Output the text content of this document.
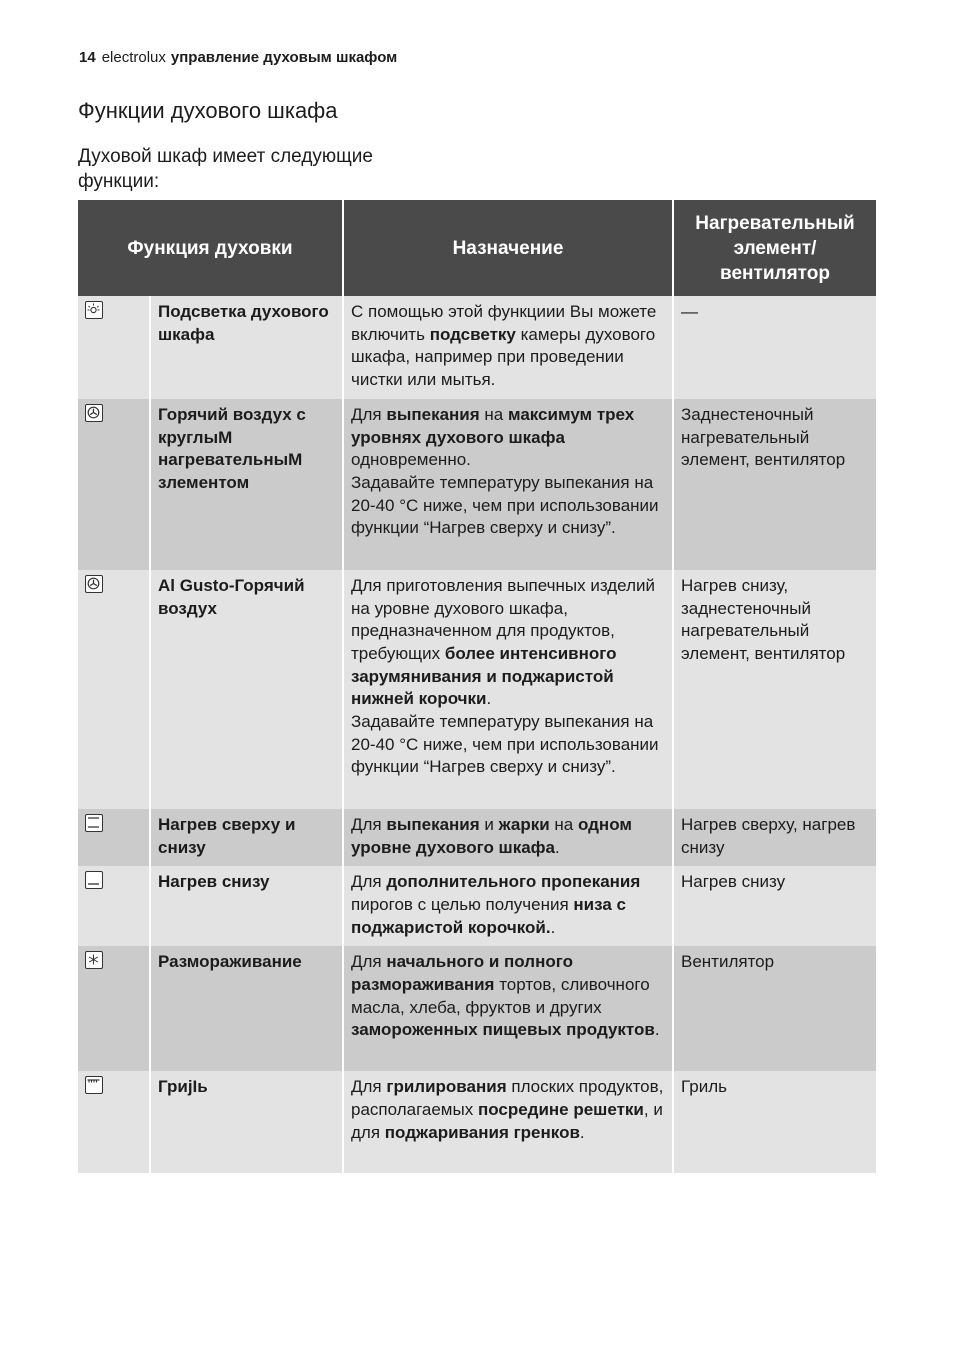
14 electrolux управление духовым шкафом
Функции духового шкафа

Духовой шкаф имеет следующие функции:

Функция духовки		Назначение	Нагревательный элемент/ вентилятор

	Подсветка духового шкафа	С помощью этой функциии Вы можете включить подсветку камеры духового шкафа, например при проведении чистки или мытья.	—

	Горячий воздух с круглыМ нагревательныМ злементом	Для выпекания на максимум трех уровнях духового шкафа одновременно.
Задавайте температуру выпекания на 20-40 °C ниже, чем при использовании функции “Нагрев сверху и снизу”.	Заднестеночный нагревательный элемент, вентилятор

	Al Gusto-Горячий воздух	Для приготовления выпечных изделий на уровне духового шкафа, предназначенном для продуктов, требующих более интенсивного зарумянивания и поджаристой нижней корочки.
Задавайте температуру выпекания на 20-40 °C ниже, чем при использовании функции “Нагрев сверху и снизу”.	Нагрев снизу, заднестеночный нагревательный элемент, вентилятор

	Нагрев сверху и снизу	Для выпекания и жарки на одном уровне духового шкафа.	Нагрев сверху, нагрев снизу

	Нагрев снизу	Для дополнительного пропекания пирогов с целью получения низа с поджаристой корочкой..	Нагрев снизу

	Размораживание	Для начального и полного размораживания тортов, сливочного масла, хлеба, фруктов и других замороженных пищевых продуктов.	Вентилятор

	ГриjIь	Для грилирования плоских продуктов, располагаемых посредине решетки, и для поджаривания гренков.	Гриль
